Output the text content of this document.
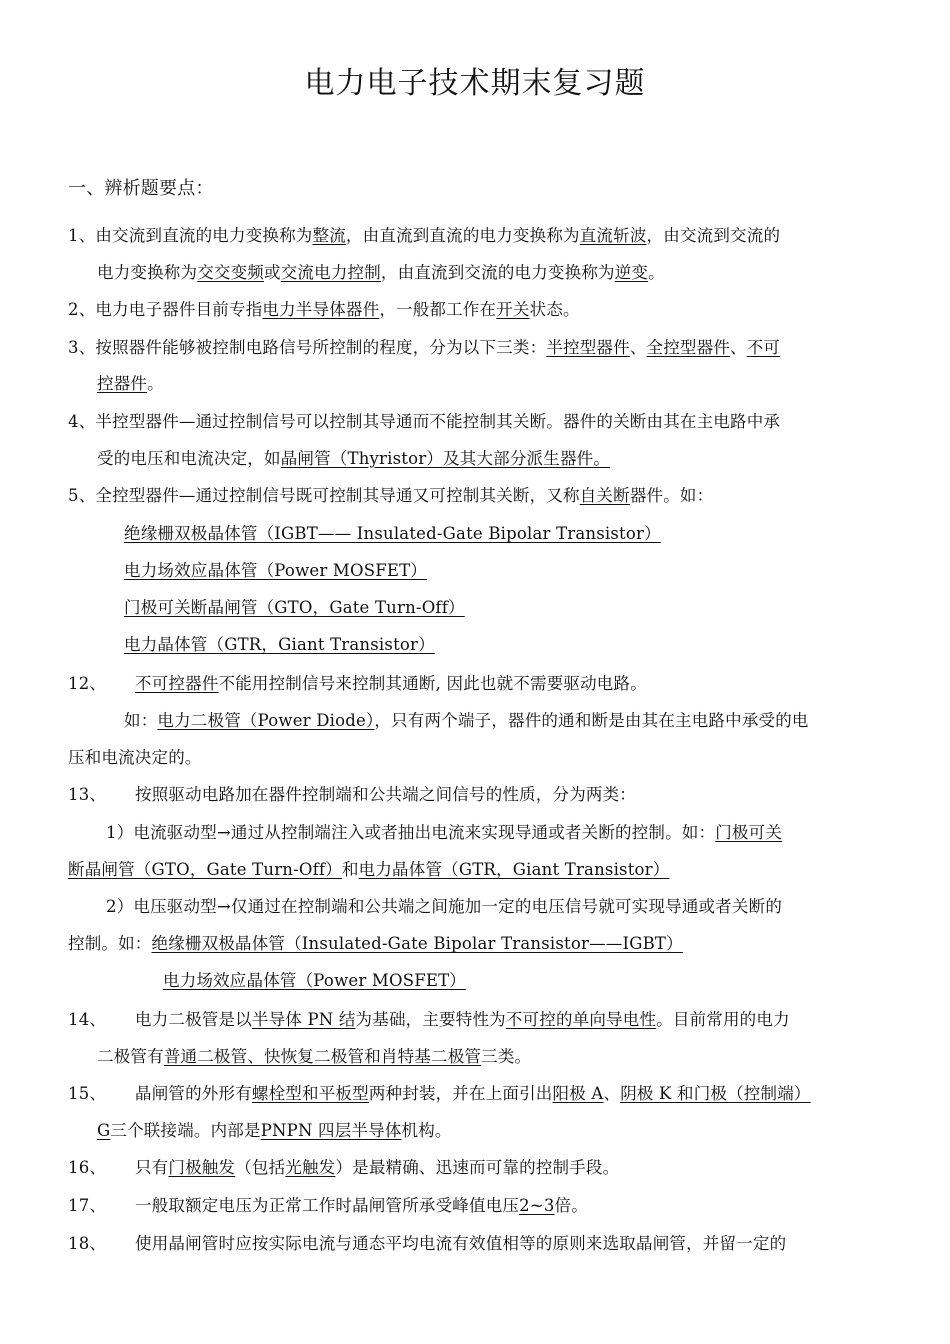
电力电子技术期末复习题
一、辨析题要点：
1、由交流到直流的电力变换称为整流，由直流到直流的电力变换称为直流斩波，由交流到交流的
电力变换称为交交变频或交流电力控制，由直流到交流的电力变换称为逆变。
2、电力电子器件目前专指电力半导体器件，一般都工作在开关状态。
3、按照器件能够被控制电路信号所控制的程度，分为以下三类：半控型器件、全控型器件、不可
控器件。
4、半控型器件—通过控制信号可以控制其导通而不能控制其关断。器件的关断由其在主电路中承
受的电压和电流决定，如晶闸管（Thyristor）及其大部分派生器件。
5、全控型器件—通过控制信号既可控制其导通又可控制其关断，又称自关断器件。如：
绝缘栅双极晶体管（IGBT—— Insulated-Gate Bipolar Transistor）
电力场效应晶体管（Power MOSFET）
门极可关断晶闸管（GTO，Gate Turn-Off）
电力晶体管（GTR，Giant Transistor）
12、 不可控器件不能用控制信号来控制其通断, 因此也就不需要驱动电路。
如：电力二极管（Power Diode），只有两个端子，器件的通和断是由其在主电路中承受的电
压和电流决定的。
13、 按照驱动电路加在器件控制端和公共端之间信号的性质，分为两类：
1）电流驱动型→通过从控制端注入或者抽出电流来实现导通或者关断的控制。如：门极可关
断晶闸管（GTO，Gate Turn-Off）和电力晶体管（GTR，Giant Transistor）
2）电压驱动型→仅通过在控制端和公共端之间施加一定的电压信号就可实现导通或者关断的
控制。如：绝缘栅双极晶体管（Insulated-Gate Bipolar Transistor——IGBT）
电力场效应晶体管（Power MOSFET）
14、 电力二极管是以半导体 PN 结为基础，主要特性为不可控的单向导电性。目前常用的电力
二极管有普通二极管、快恢复二极管和肖特基二极管三类。
15、 晶闸管的外形有螺栓型和平板型两种封装，并在上面引出阳极 A、阴极 K 和门极（控制端）
G三个联接端。内部是PNPN 四层半导体机构。
16、 只有门极触发（包括光触发）是最精确、迅速而可靠的控制手段。
17、 一般取额定电压为正常工作时晶闸管所承受峰值电压2~3倍。
18、 使用晶闸管时应按实际电流与通态平均电流有效值相等的原则来选取晶闸管，并留一定的
